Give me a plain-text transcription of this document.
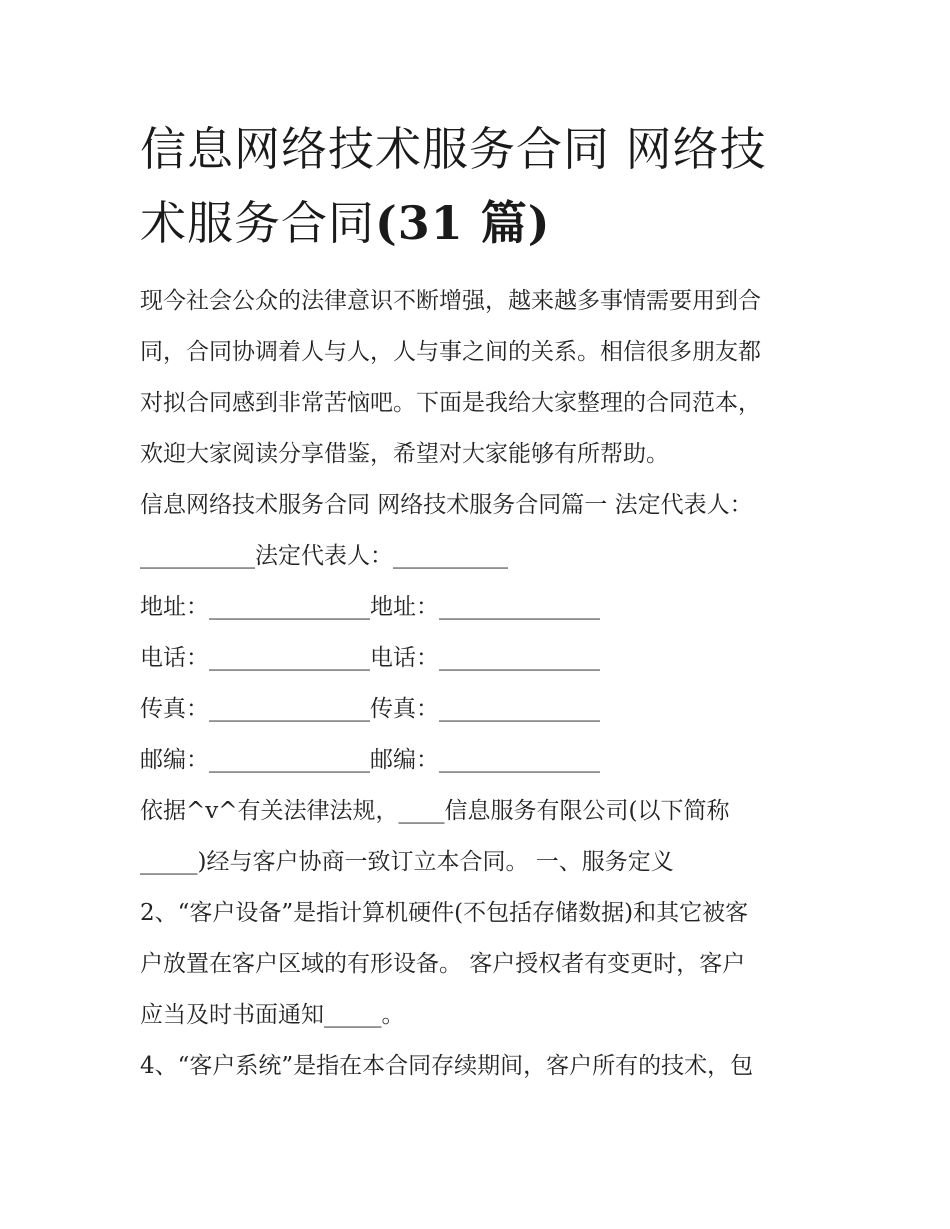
信息网络技术服务合同 网络技
术服务合同(31 篇)
现今社会公众的法律意识不断增强，越来越多事情需要用到合
同，合同协调着人与人，人与事之间的关系。相信很多朋友都
对拟合同感到非常苦恼吧。下面是我给大家整理的合同范本，
欢迎大家阅读分享借鉴，希望对大家能够有所帮助。
信息网络技术服务合同 网络技术服务合同篇一 法定代表人：
__________法定代表人：__________
地址：______________地址：______________
电话：______________电话：______________
传真：______________传真：______________
邮编：______________邮编：______________
依据^v^有关法律法规，____信息服务有限公司(以下简称
_____)经与客户协商一致订立本合同。 一、服务定义
2、“客户设备”是指计算机硬件(不包括存储数据)和其它被客
户放置在客户区域的有形设备。 客户授权者有变更时，客户
应当及时书面通知_____。
4、“客户系统”是指在本合同存续期间，客户所有的技术，包
